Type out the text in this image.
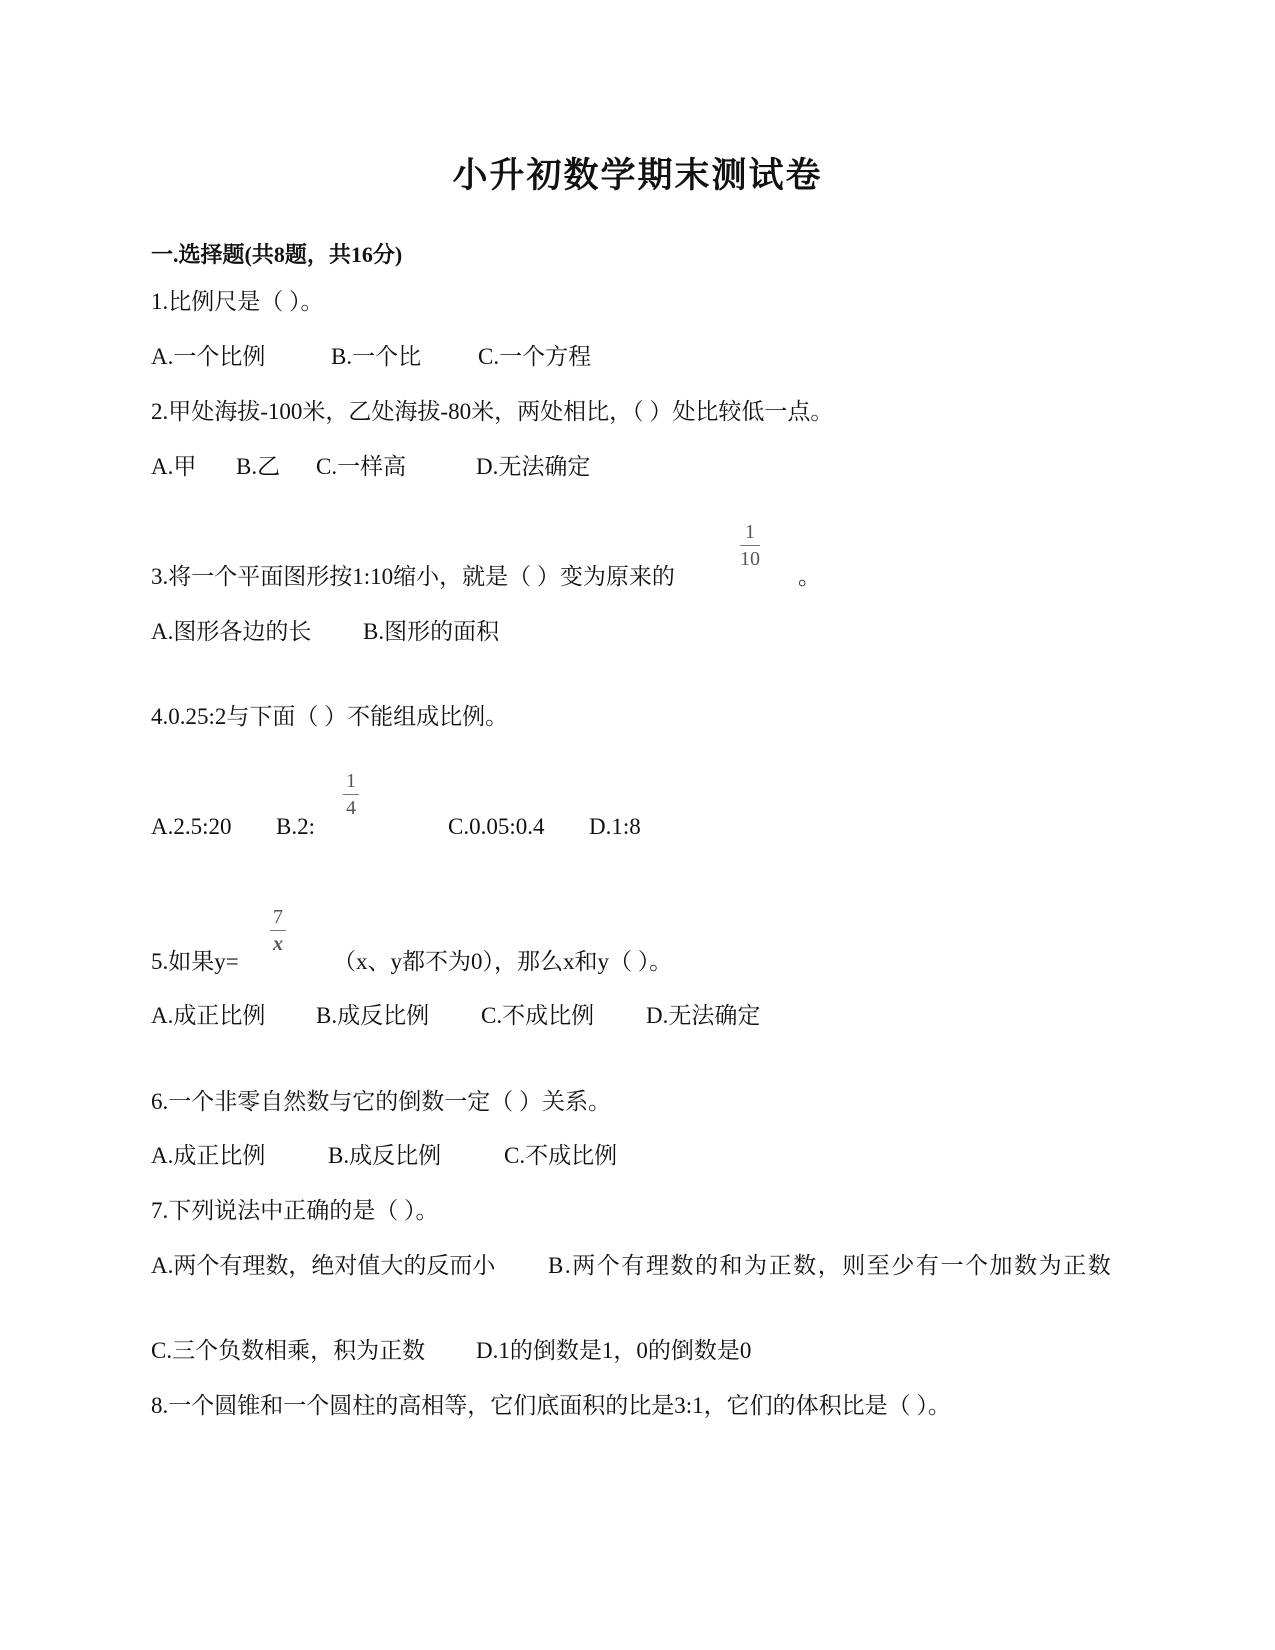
小升初数学期末测试卷
一.选择题(共8题，共16分)
1.比例尺是（ ）。
A.一个比例	B.一个比 C.一个方程
2.甲处海拔-100米，乙处海拔-80米，两处相比，（ ）处比较低一点。
A.甲 B.乙 C.一样高	D.无法确定
3.将一个平面图形按1:10缩小，就是（ ）变为原来的
1
10
。
A.图形各边的长 B.图形的面积
4.0.25:2与下面（ ）不能组成比例。
A.2.5:20 B.2:	C.0.05:0.4 D.1:8
1
4
5.如果y=
7
x
（x、y都不为0），那么x和y（ ）。
A.成正比例 B.成反比例 C.不成比例 D.无法确定
6.一个非零自然数与它的倒数一定（ ）关系。
A.成正比例	B.成反比例	C.不成比例
7.下列说法中正确的是（ ）。
A.两个有理数，绝对值大的反而小	B.两个有理数的和为正数，则至少有一个加数为正数
C.三个负数相乘，积为正数 D.1的倒数是1，0的倒数是0
8.一个圆锥和一个圆柱的高相等，它们底面积的比是3:1，它们的体积比是（ ）。
